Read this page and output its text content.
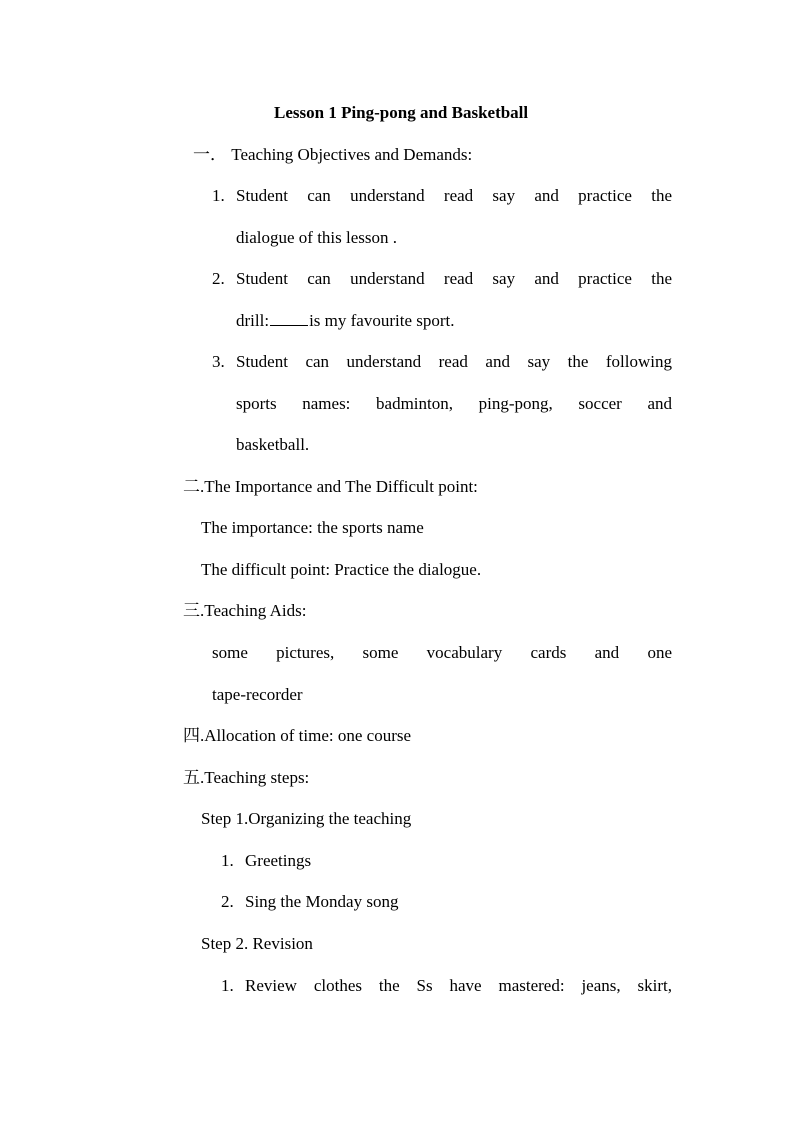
Lesson 1 Ping-pong and Basketball
一． Teaching Objectives and Demands:
1. Student can understand read say and practice the
dialogue of this lesson .
2. Student can understand read say and practice the
drill: is my favourite sport.
3. Student can understand read and say the following
sports names: badminton, ping-pong, soccer and
basketball.
二.The Importance and The Difficult point:
The importance: the sports name
The difficult point: Practice the dialogue.
三.Teaching Aids:
some pictures, some vocabulary cards and one
tape-recorder
四.Allocation of time: one course
五.Teaching steps:
Step 1.Organizing the teaching
1. Greetings
2. Sing the Monday song
Step 2. Revision
1. Review clothes the Ss have mastered: jeans, skirt,
